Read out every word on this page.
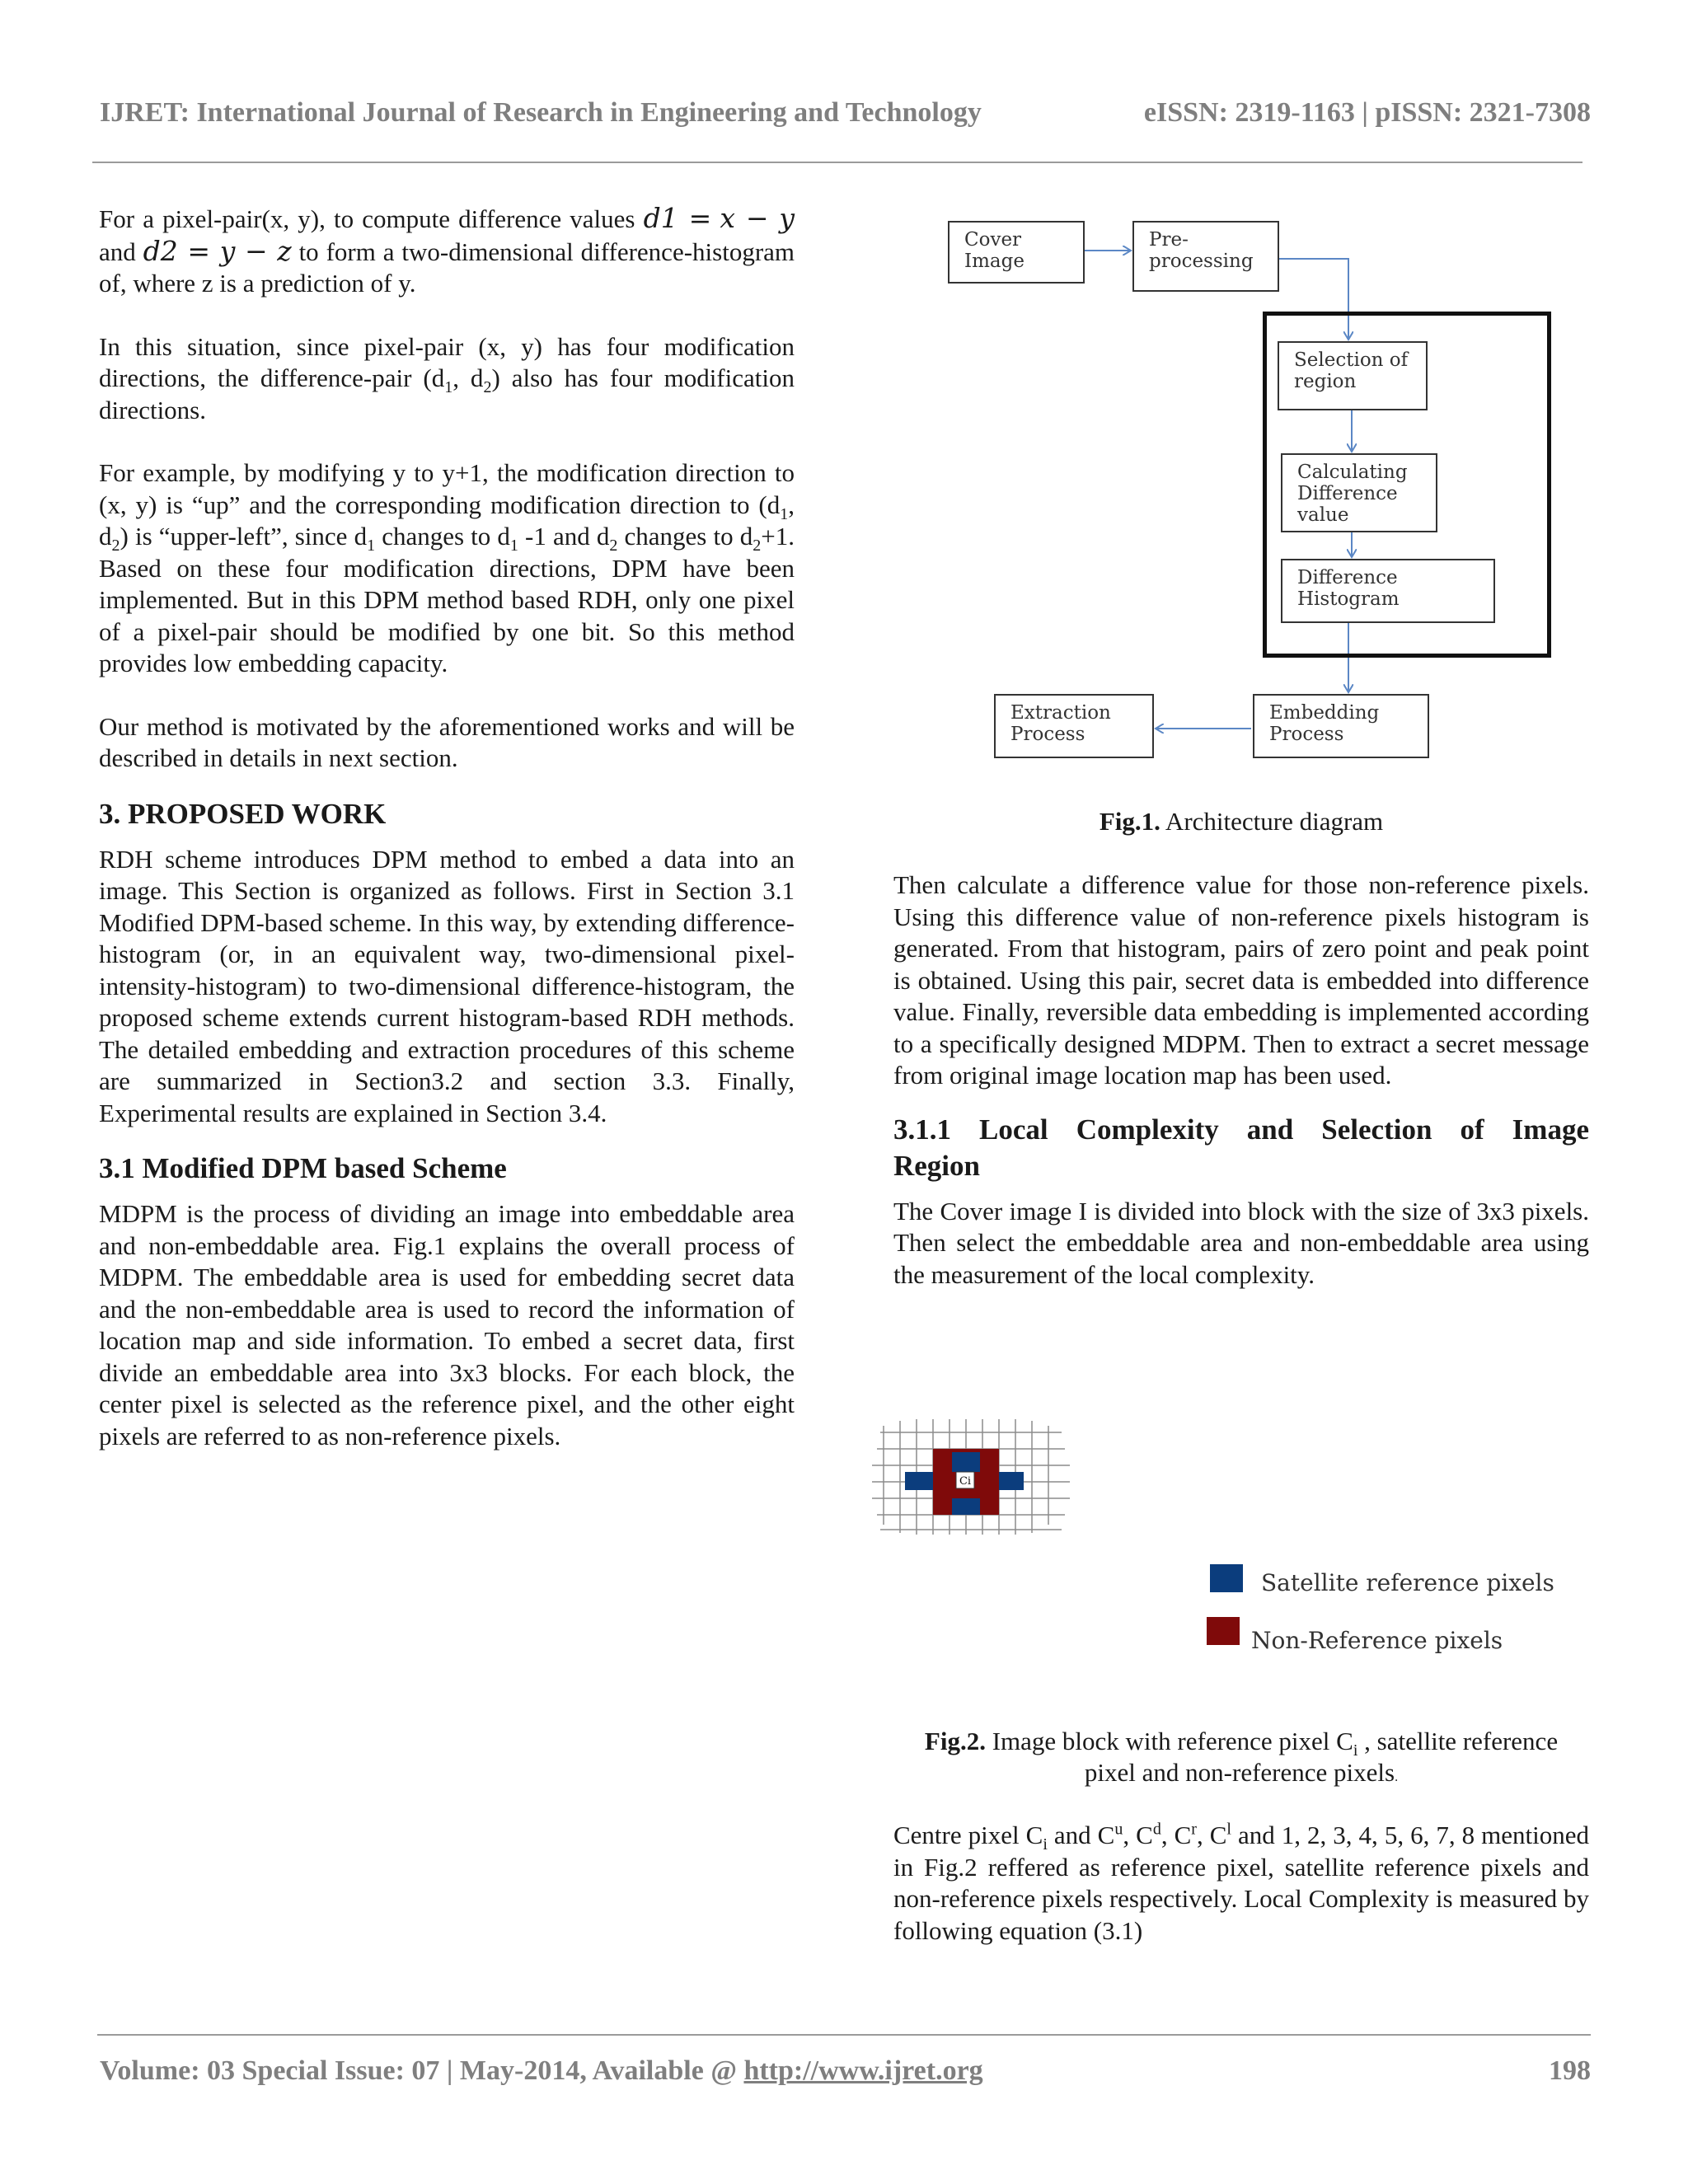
IJRET: International Journal of Research in Engineering and Technology	eISSN: 2319-1163 | pISSN: 2321-7308

For a pixel-pair(x, y), to compute difference values d1 = x − y and d2 = y − z to form a two-dimensional difference-histogram of, where z is a prediction of y.

In this situation, since pixel-pair (x, y) has four modification directions, the difference-pair ($d_1$, $d_2$) also has four modification directions.

For example, by modifying y to y+1, the modification direction to (x, y) is “up” and the corresponding modification direction to ($d_1$, $d_2$) is “upper-left”, since $d_1$ changes to $d_1$ -1 and $d_2$ changes to $d_2+1$. Based on these four modification directions, DPM have been implemented. But in this DPM method based RDH, only one pixel of a pixel-pair should be modified by one bit. So this method provides low embedding capacity.

Our method is motivated by the aforementioned works and will be described in details in next section.

3. PROPOSED WORK

RDH scheme introduces DPM method to embed a data into an image. This Section is organized as follows. First in Section 3.1 Modified DPM-based scheme. In this way, by extending difference- histogram (or, in an equivalent way, two-dimensional pixel-intensity-histogram) to two-dimensional difference-histogram, the proposed scheme extends current histogram-based RDH methods. The detailed embedding and extraction procedures of this scheme are summarized in Section3.2 and section 3.3. Finally, Experimental results are explained in Section 3.4.

3.1 Modified DPM based Scheme

MDPM is the process of dividing an image into embeddable area and non-embeddable area. Fig.1 explains the overall process of MDPM. The embeddable area is used for embedding secret data and the non-embeddable area is used to record the information of location map and side information. To embed a secret data, first divide an embeddable area into 3x3 blocks. For each block, the center pixel is selected as the reference pixel, and the other eight pixels are referred to as non-reference pixels.

Cover Image
Pre- processing
Selection of region
Calculating Difference value
Difference Histogram
Embedding Process
Extraction Process
Fig.1. Architecture diagram

Then calculate a difference value for those non-reference pixels. Using this difference value of non-reference pixels histogram is generated. From that histogram, pairs of zero point and peak point is obtained. Using this pair, secret data is embedded into difference value. Finally, reversible data embedding is implemented according to a specifically designed MDPM. Then to extract a secret message from original image location map has been used.

3.1.1 Local Complexity and Selection of Image
Region

The Cover image I is divided into block with the size of 3x3 pixels. Then select the embeddable area and non-embeddable area using the measurement of the local complexity.

Ci
Satellite reference pixels
Non-Reference pixels
Fig.2. Image block with reference pixel $C_i$ , satellite reference
pixel and non-reference pixels.

Centre pixel $C_i$ and $C^u$, $C^d$, $C^r$, $C^l$ and 1, 2, 3, 4, 5, 6, 7, 8 mentioned in Fig.2 reffered as reference pixel, satellite reference pixels and non-reference pixels respectively. Local Complexity is measured by following equation (3.1)

Volume: 03 Special Issue: 07 | May-2014, Available @ http://www.ijret.org	198
